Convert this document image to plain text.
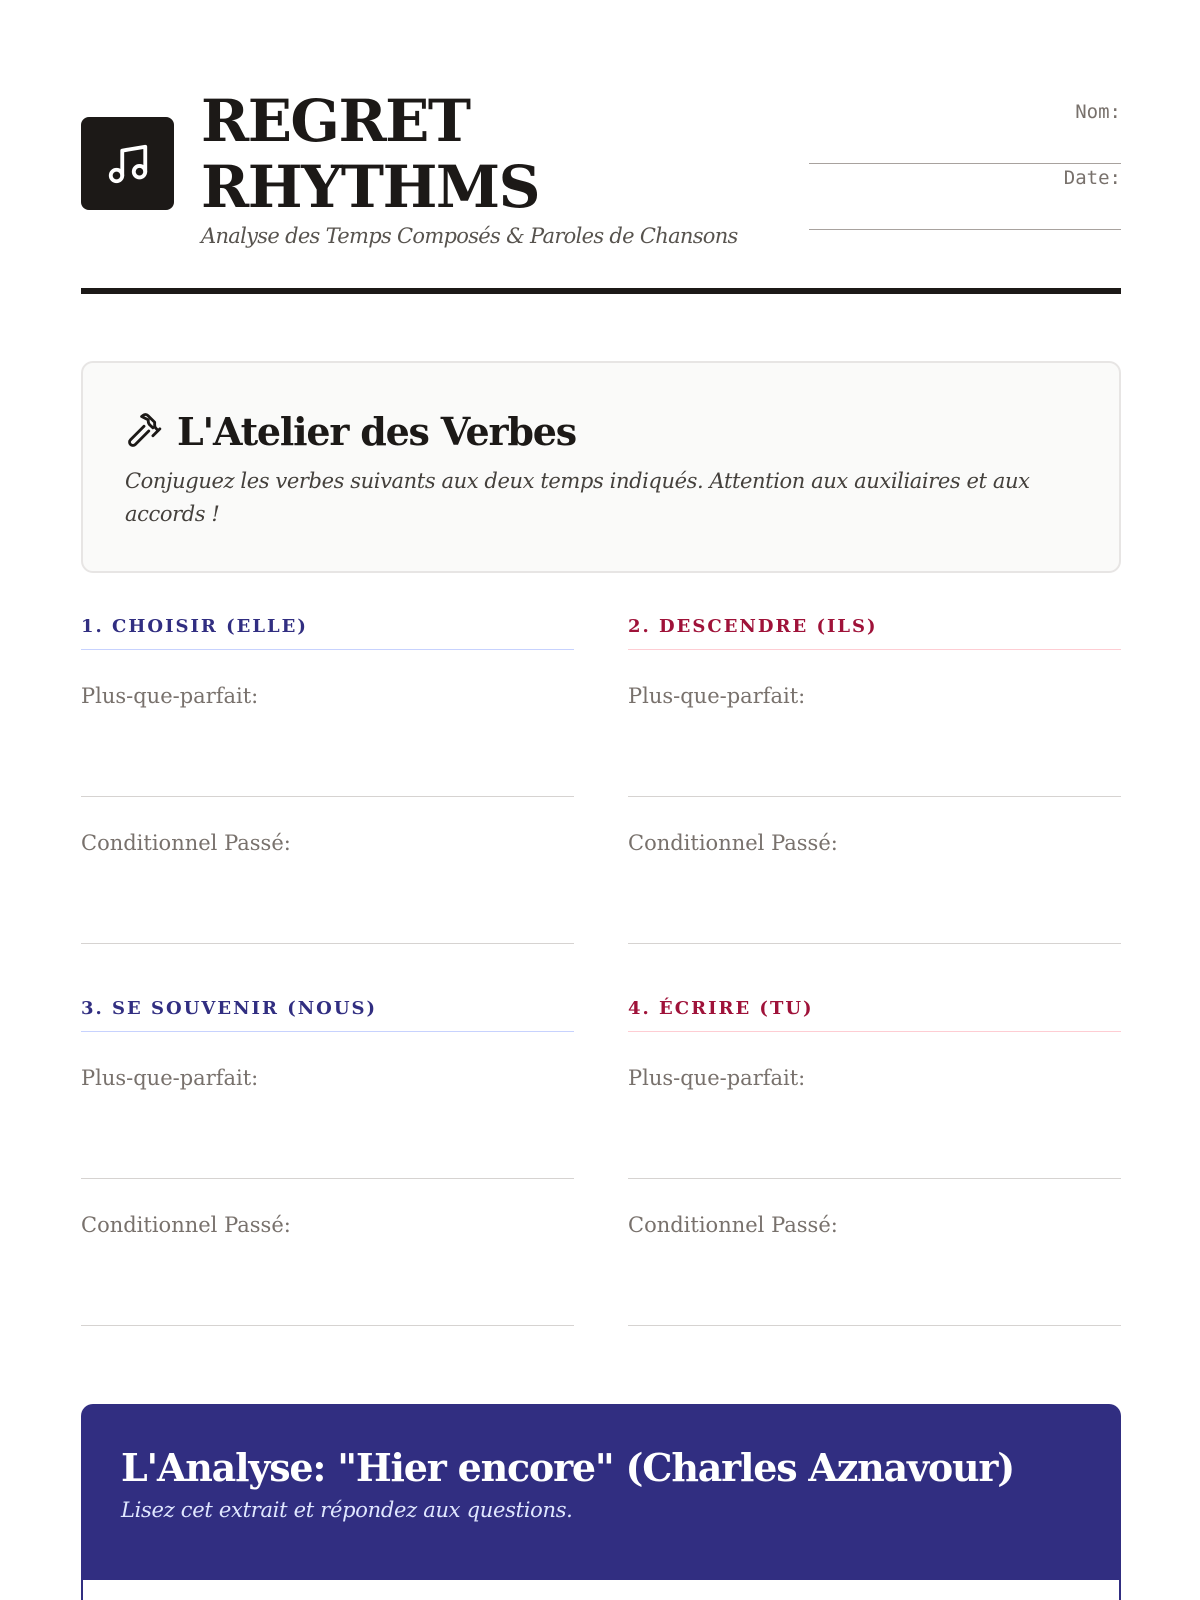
REGRET
RHYTHMS
Analyse des Temps Composés & Paroles de Chansons
Nom:
Date:
L'Atelier des Verbes
Conjuguez les verbes suivants aux deux temps indiqués. Attention aux auxiliaires et aux accords !
1. CHOISIR (ELLE)
Plus-que-parfait:
Conditionnel Passé:
2. DESCENDRE (ILS)
Plus-que-parfait:
Conditionnel Passé:
3. SE SOUVENIR (NOUS)
Plus-que-parfait:
Conditionnel Passé:
4. ÉCRIRE (TU)
Plus-que-parfait:
Conditionnel Passé:
L'Analyse: "Hier encore" (Charles Aznavour)
Lisez cet extrait et répondez aux questions.
